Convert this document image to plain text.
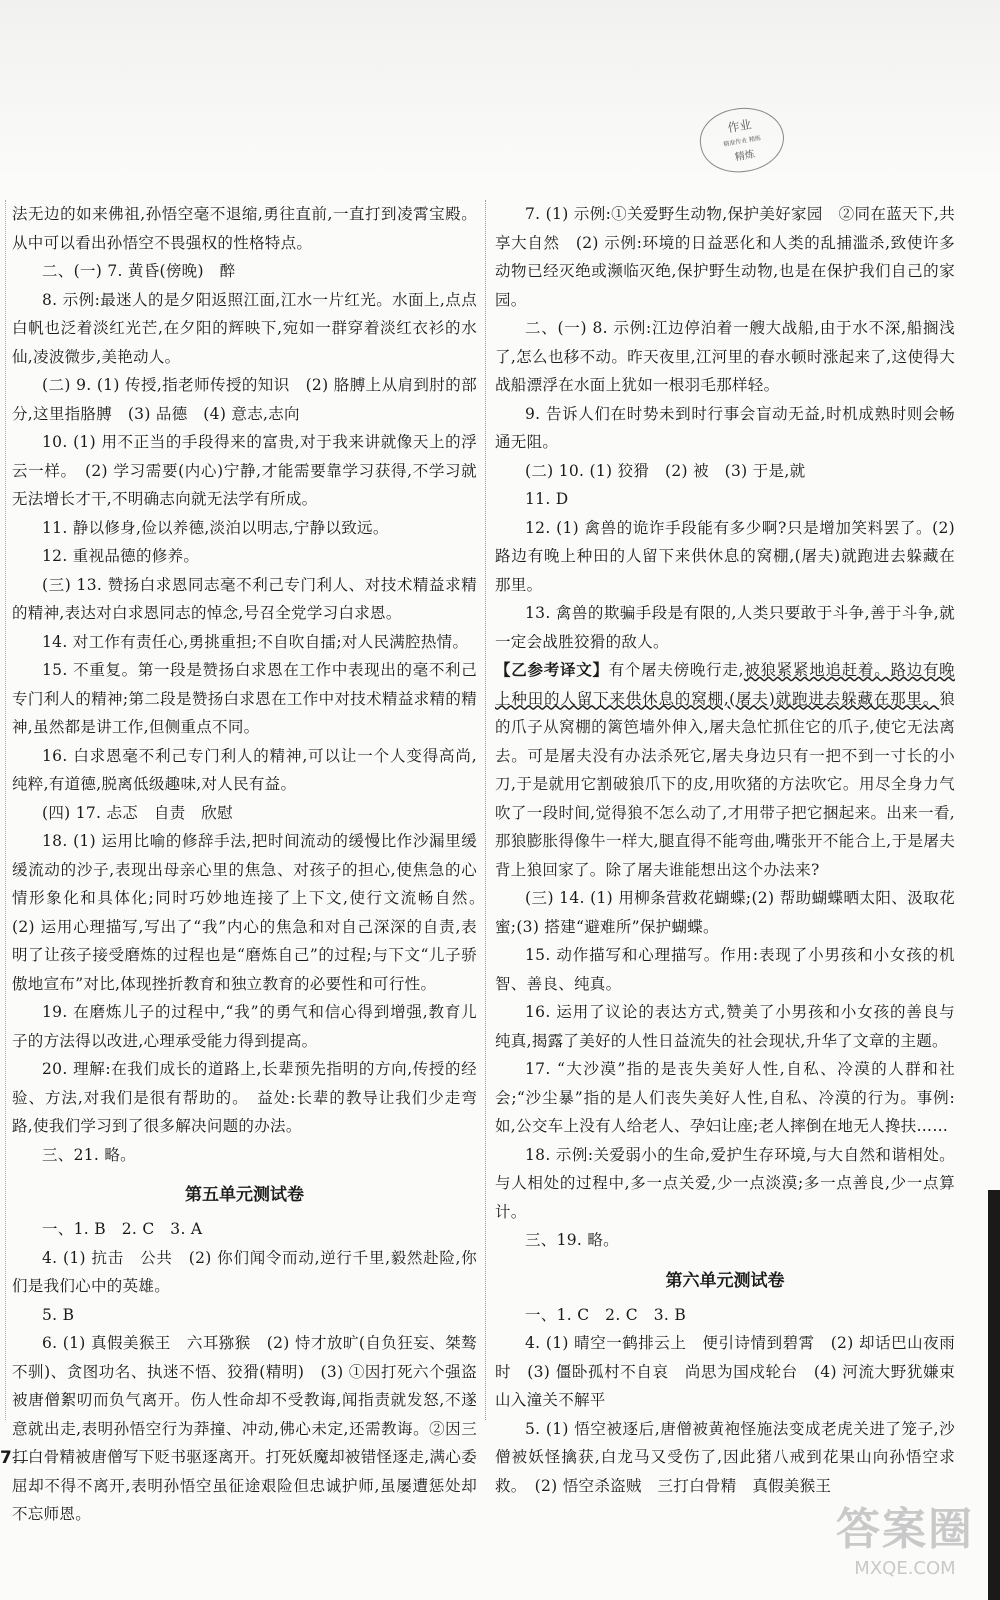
作业
精准作业 精练
精炼

法无边的如来佛祖,孙悟空毫不退缩,勇往直前,一直打到凌霄宝殿。从中可以看出孙悟空不畏强权的性格特点。

二、(一) 7. 黄昏(傍晚)　醉

8. 示例:最迷人的是夕阳返照江面,江水一片红光。水面上,点点白帆也泛着淡红光芒,在夕阳的辉映下,宛如一群穿着淡红衣衫的水仙,凌波微步,美艳动人。

(二) 9. (1) 传授,指老师传授的知识　(2) 胳膊上从肩到肘的部分,这里指胳膊　(3) 品德　(4) 意志,志向

10. (1) 用不正当的手段得来的富贵,对于我来讲就像天上的浮云一样。　(2) 学习需要(内心)宁静,才能需要靠学习获得,不学习就无法增长才干,不明确志向就无法学有所成。

11. 静以修身,俭以养德,淡泊以明志,宁静以致远。

12. 重视品德的修养。

(三) 13. 赞扬白求恩同志毫不利己专门利人、对技术精益求精的精神,表达对白求恩同志的悼念,号召全党学习白求恩。

14. 对工作有责任心,勇挑重担;不自吹自擂;对人民满腔热情。

15. 不重复。第一段是赞扬白求恩在工作中表现出的毫不利己专门利人的精神;第二段是赞扬白求恩在工作中对技术精益求精的精神,虽然都是讲工作,但侧重点不同。

16. 白求恩毫不利己专门利人的精神,可以让一个人变得高尚,纯粹,有道德,脱离低级趣味,对人民有益。

(四) 17. 忐忑　自责　欣慰

18. (1) 运用比喻的修辞手法,把时间流动的缓慢比作沙漏里缓缓流动的沙子,表现出母亲心里的焦急、对孩子的担心,使焦急的心情形象化和具体化;同时巧妙地连接了上下文,使行文流畅自然。　(2) 运用心理描写,写出了“我”内心的焦急和对自己深深的自责,表明了让孩子接受磨炼的过程也是“磨炼自己”的过程;与下文“儿子骄傲地宣布”对比,体现挫折教育和独立教育的必要性和可行性。

19. 在磨炼儿子的过程中,“我”的勇气和信心得到增强,教育儿子的方法得以改进,心理承受能力得到提高。

20. 理解:在我们成长的道路上,长辈预先指明的方向,传授的经验、方法,对我们是很有帮助的。　益处:长辈的教导让我们少走弯路,使我们学习到了很多解决问题的办法。

三、21. 略。

第五单元测试卷

一、1. B　2. C　3. A

4. (1) 抗击　公共　(2) 你们闻令而动,逆行千里,毅然赴险,你们是我们心中的英雄。

5. B

6. (1) 真假美猴王　六耳猕猴　(2) 恃才放旷(自负狂妄、桀骜不驯)、贪图功名、执迷不悟、狡猾(精明)　(3) ①因打死六个强盗被唐僧絮叨而负气离开。伤人性命却不受教诲,闻指责就发怒,不遂意就出走,表明孙悟空行为莽撞、冲动,佛心未定,还需教诲。②因三打白骨精被唐僧写下贬书驱逐离开。打死妖魔却被错怪逐走,满心委屈却不得不离开,表明孙悟空虽征途艰险但忠诚护师,虽屡遭惩处却不忘师恩。

7. (1) 示例:①关爱野生动物,保护美好家园　②同在蓝天下,共享大自然　(2) 示例:环境的日益恶化和人类的乱捕滥杀,致使许多动物已经灭绝或濒临灭绝,保护野生动物,也是在保护我们自己的家园。

二、(一) 8. 示例:江边停泊着一艘大战船,由于水不深,船搁浅了,怎么也移不动。昨天夜里,江河里的春水顿时涨起来了,这使得大战船漂浮在水面上犹如一根羽毛那样轻。

9. 告诉人们在时势未到时行事会盲动无益,时机成熟时则会畅通无阻。

(二) 10. (1) 狡猾　(2) 被　(3) 于是,就

11. D

12. (1) 禽兽的诡诈手段能有多少啊?只是增加笑料罢了。(2) 路边有晚上种田的人留下来供休息的窝棚,(屠夫)就跑进去躲藏在那里。

13. 禽兽的欺骗手段是有限的,人类只要敢于斗争,善于斗争,就一定会战胜狡猾的敌人。

【乙参考译文】有个屠夫傍晚行走,被狼紧紧地追赶着。路边有晚上种田的人留下来供休息的窝棚,(屠夫)就跑进去躲藏在那里。狼的爪子从窝棚的篱笆墙外伸入,屠夫急忙抓住它的爪子,使它无法离去。可是屠夫没有办法杀死它,屠夫身边只有一把不到一寸长的小刀,于是就用它割破狼爪下的皮,用吹猪的方法吹它。用尽全身力气吹了一段时间,觉得狼不怎么动了,才用带子把它捆起来。出来一看,那狼膨胀得像牛一样大,腿直得不能弯曲,嘴张开不能合上,于是屠夫背上狼回家了。除了屠夫谁能想出这个办法来?

(三) 14. (1) 用柳条营救花蝴蝶;(2) 帮助蝴蝶晒太阳、汲取花蜜;(3) 搭建“避难所”保护蝴蝶。

15. 动作描写和心理描写。作用:表现了小男孩和小女孩的机智、善良、纯真。

16. 运用了议论的表达方式,赞美了小男孩和小女孩的善良与纯真,揭露了美好的人性日益流失的社会现状,升华了文章的主题。

17. “大沙漠”指的是丧失美好人性,自私、冷漠的人群和社会;“沙尘暴”指的是人们丧失美好人性,自私、冷漠的行为。事例:如,公交车上没有人给老人、孕妇让座;老人摔倒在地无人搀扶……

18. 示例:关爱弱小的生命,爱护生存环境,与大自然和谐相处。与人相处的过程中,多一点关爱,少一点淡漠;多一点善良,少一点算计。

三、19. 略。

第六单元测试卷

一、1. C　2. C　3. B

4. (1) 晴空一鹤排云上　便引诗情到碧霄　(2) 却话巴山夜雨时　(3) 僵卧孤村不自哀　尚思为国戍轮台　(4) 河流大野犹嫌束　山入潼关不解平

5. (1) 悟空被逐后,唐僧被黄袍怪施法变成老虎关进了笼子,沙僧被妖怪擒获,白龙马又受伤了,因此猪八戒到花果山向孙悟空求救。　(2) 悟空杀盗贼　三打白骨精　真假美猴王

7
答案圈
MXQE.COM
